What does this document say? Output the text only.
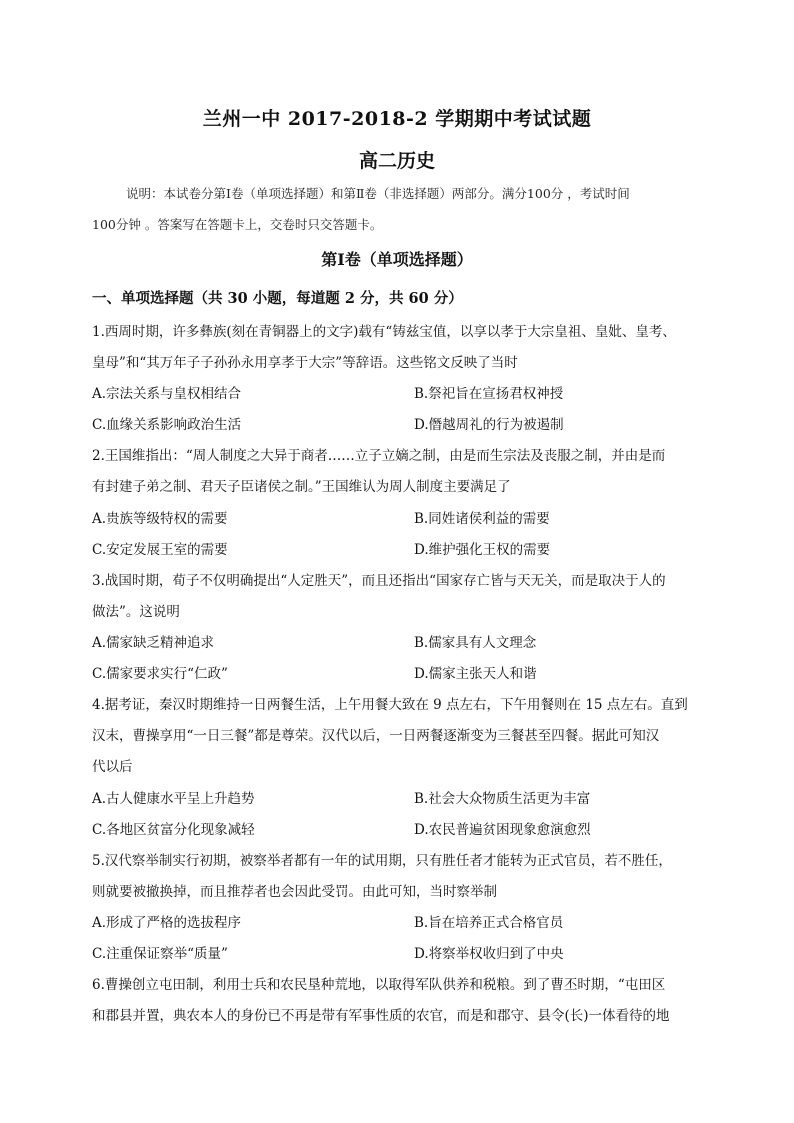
兰州一中 2017-2018-2 学期期中考试试题
高二历史
说明：本试卷分第Ⅰ卷（单项选择题）和第Ⅱ卷（非选择题）两部分。满分100分 ，考试时间
100分钟 。答案写在答题卡上，交卷时只交答题卡。
第Ⅰ卷（单项选择题）
一、单项选择题（共 30 小题，每道题 2 分，共 60 分）
1.西周时期，许多彝族(刻在青铜器上的文字)载有“铸兹宝值，以享以孝于大宗皇祖、皇妣、皇考、
皇母”和“其万年子子孙孙永用享孝于大宗”等辞语。这些铭文反映了当时
A.宗法关系与皇权相结合	B.祭祀旨在宣扬君权神授
C.血缘关系影响政治生活	D.僭越周礼的行为被遏制
2.王国维指出：“周人制度之大异于商者……立子立嫡之制，由是而生宗法及丧服之制，并由是而
有封建子弟之制、君天子臣诸侯之制。”王国维认为周人制度主要满足了
A.贵族等级特权的需要	B.同姓诸侯利益的需要
C.安定发展王室的需要	D.维护强化王权的需要
3.战国时期，荀子不仅明确提出“人定胜天”，而且还指出“国家存亡皆与天无关，而是取决于人的
做法”。这说明
A.儒家缺乏精神追求	B.儒家具有人文理念
C.儒家要求实行“仁政”	D.儒家主张天人和谐
4.据考证，秦汉时期维持一日两餐生活，上午用餐大致在 9 点左右，下午用餐则在 15 点左右。直到
汉末，曹操享用“一日三餐”都是尊荣。汉代以后，一日两餐逐渐变为三餐甚至四餐。据此可知汉
代以后
A.古人健康水平呈上升趋势	B.社会大众物质生活更为丰富
C.各地区贫富分化现象减轻	D.农民普遍贫困现象愈演愈烈
5.汉代察举制实行初期，被察举者都有一年的试用期，只有胜任者才能转为正式官员，若不胜任，
则就要被撤换掉，而且推荐者也会因此受罚。由此可知，当时察举制
A.形成了严格的选拔程序	B.旨在培养正式合格官员
C.注重保证察举“质量”	D.将察举权收归到了中央
6.曹操创立屯田制，利用士兵和农民垦种荒地，以取得军队供养和税粮。到了曹丕时期，“屯田区
和郡县并置，典农本人的身份已不再是带有军事性质的农官，而是和郡守、县令(长)一体看待的地
